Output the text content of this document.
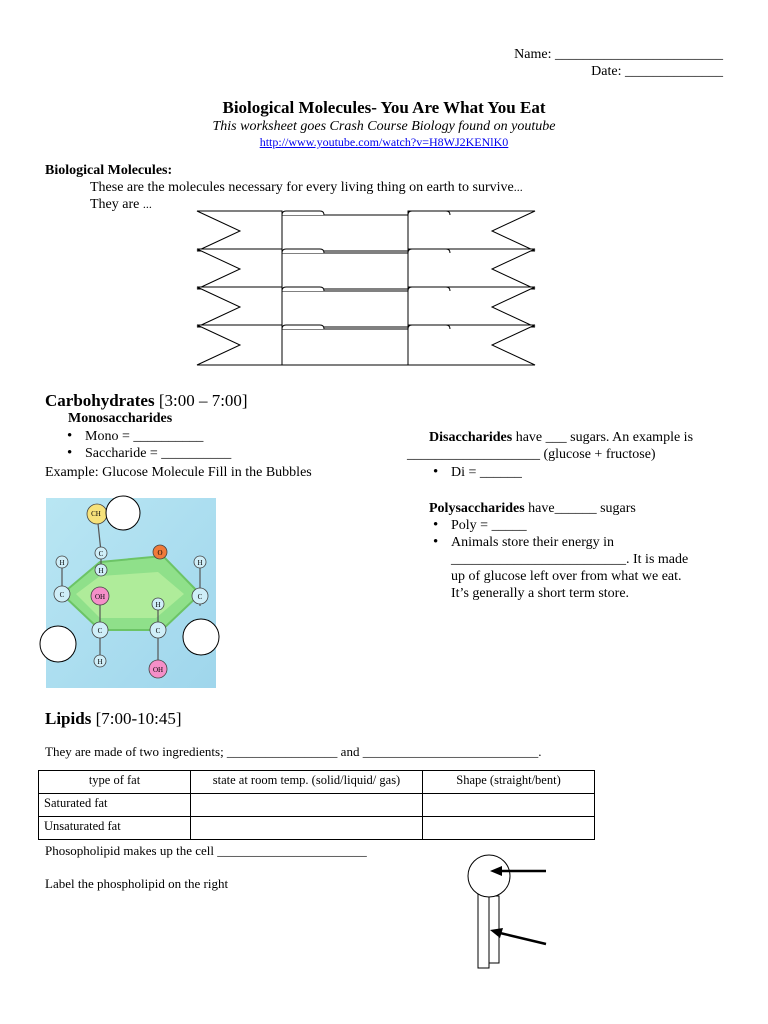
Name: ________________________
Date: ______________
Biological Molecules- You Are What You Eat
This worksheet goes Crash Course Biology found on youtube
http://www.youtube.com/watch?v=H8WJ2KENlK0
Biological Molecules:
These are the molecules necessary for every living thing on earth to survive...
They are ...
Carbohydrates [3:00 – 7:00]
Monosaccharides
• Mono = __________
• Saccharide = __________
Example: Glucose Molecule Fill in the Bubbles
CH
C
H
O
H
C
H
C
OH
H
C	C
H
OH
Disaccharides have ___ sugars. An example is
___________________ (glucose + fructose)
• Di = ______
Polysaccharides have______ sugars
• Poly = _____
• Animals store their energy in
_________________________. It is made
up of glucose left over from what we eat.
It’s generally a short term store.
Lipids [7:00-10:45]
They are made of two ingredients; _________________ and ___________________________.
type of fat	state at room temp. (solid/liquid/ gas)	Shape (straight/bent)
Saturated fat		
Unsaturated fat		
Phosopholipid makes up the cell _______________________
Label the phospholipid on the right
